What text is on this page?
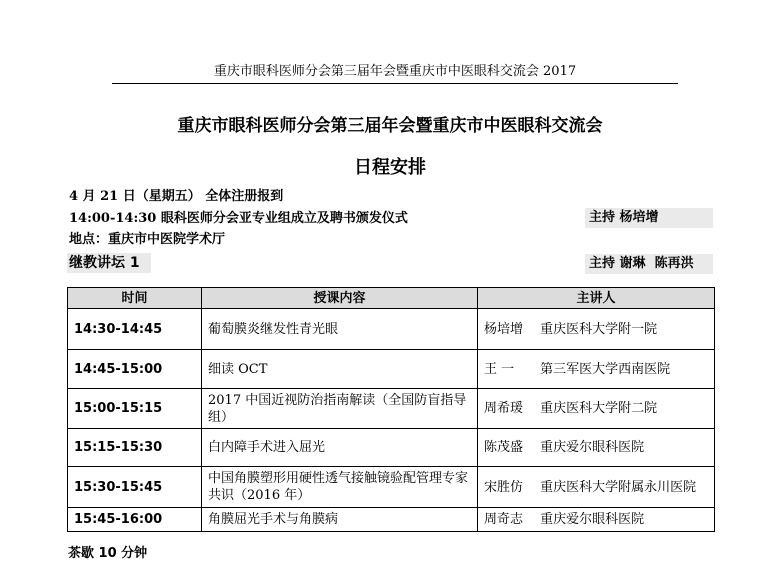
重庆市眼科医师分会第三届年会暨重庆市中医眼科交流会 2017
重庆市眼科医师分会第三届年会暨重庆市中医眼科交流会
日程安排
4 月 21 日（星期五） 全体注册报到
14:00-14:30 眼科医师分会亚专业组成立及聘书颁发仪式	主持 杨培增
地点：重庆市中医院学术厅
继教讲坛 1	主持 谢琳  陈再洪
时间	授课内容	主讲人
14:30-14:45	葡萄膜炎继发性青光眼	杨培增 重庆医科大学附一院
14:45-15:00	细读 OCT	王 一 第三军医大学西南医院
15:00-15:15	2017 中国近视防治指南解读（全国防盲指导组）	周希瑗 重庆医科大学附二院
15:15-15:30	白内障手术进入屈光	陈茂盛 重庆爱尔眼科医院
15:30-15:45	中国角膜塑形用硬性透气接触镜验配管理专家共识（2016 年）	宋胜仿 重庆医科大学附属永川医院
15:45-16:00	角膜屈光手术与角膜病	周奇志 重庆爱尔眼科医院
茶歇 10 分钟
